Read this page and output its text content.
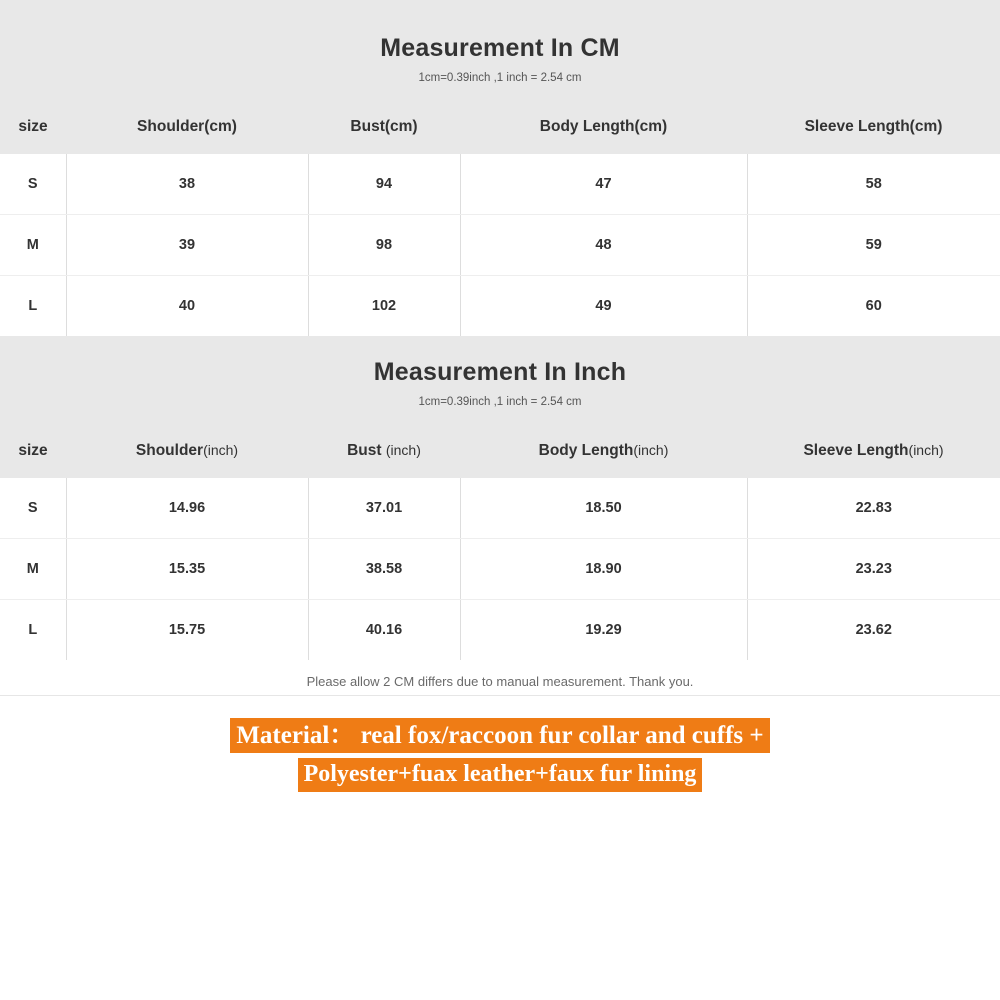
Measurement In CM
1cm=0.39inch ,1 inch = 2.54 cm
size	Shoulder(cm)	Bust(cm)	Body Length(cm)	Sleeve Length(cm)
S	38	94	47	58
M	39	98	48	59
L	40	102	49	60
Measurement In Inch
1cm=0.39inch ,1 inch = 2.54 cm
size	Shoulder(inch)	Bust (inch)	Body Length(inch)	Sleeve Length(inch)
S	14.96	37.01	18.50	22.83
M	15.35	38.58	18.90	23.23
L	15.75	40.16	19.29	23.62
Please allow 2 CM differs due to manual measurement. Thank you.
Material： real fox/raccoon fur collar and cuffs +
Polyester+fuax leather+faux fur lining
